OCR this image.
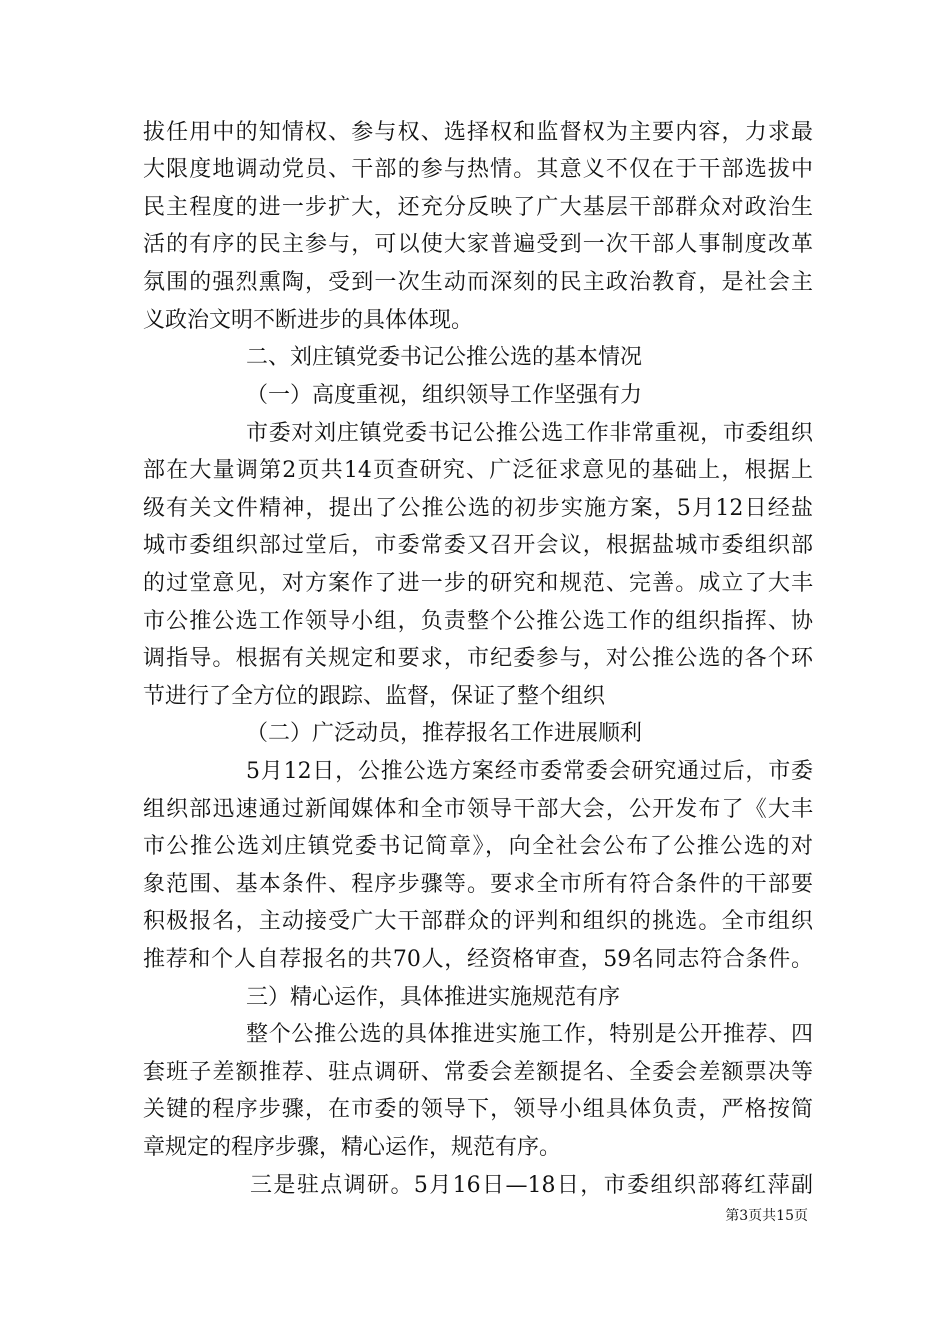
拔任用中的知情权、参与权、选择权和监督权为主要内容，力求最
大限度地调动党员、干部的参与热情。其意义不仅在于干部选拔中
民主程度的进一步扩大，还充分反映了广大基层干部群众对政治生
活的有序的民主参与，可以使大家普遍受到一次干部人事制度改革
氛围的强烈熏陶，受到一次生动而深刻的民主政治教育，是社会主
义政治文明不断进步的具体体现。
二、刘庄镇党委书记公推公选的基本情况
（一）高度重视，组织领导工作坚强有力
市委对刘庄镇党委书记公推公选工作非常重视，市委组织
部在大量调第2页共14页查研究、广泛征求意见的基础上，根据上
级有关文件精神，提出了公推公选的初步实施方案，5月12日经盐
城市委组织部过堂后，市委常委又召开会议，根据盐城市委组织部
的过堂意见，对方案作了进一步的研究和规范、完善。成立了大丰
市公推公选工作领导小组，负责整个公推公选工作的组织指挥、协
调指导。根据有关规定和要求，市纪委参与，对公推公选的各个环
节进行了全方位的跟踪、监督，保证了整个组织
（二）广泛动员，推荐报名工作进展顺利
5月12日，公推公选方案经市委常委会研究通过后，市委
组织部迅速通过新闻媒体和全市领导干部大会，公开发布了《大丰
市公推公选刘庄镇党委书记简章》，向全社会公布了公推公选的对
象范围、基本条件、程序步骤等。要求全市所有符合条件的干部要
积极报名，主动接受广大干部群众的评判和组织的挑选。全市组织
推荐和个人自荐报名的共70人，经资格审查，59名同志符合条件。
三）精心运作，具体推进实施规范有序
整个公推公选的具体推进实施工作，特别是公开推荐、四
套班子差额推荐、驻点调研、常委会差额提名、全委会差额票决等
关键的程序步骤，在市委的领导下，领导小组具体负责，严格按简
章规定的程序步骤，精心运作，规范有序。
三是驻点调研。5月16日—18日，市委组织部蒋红萍副
第3页共15页
